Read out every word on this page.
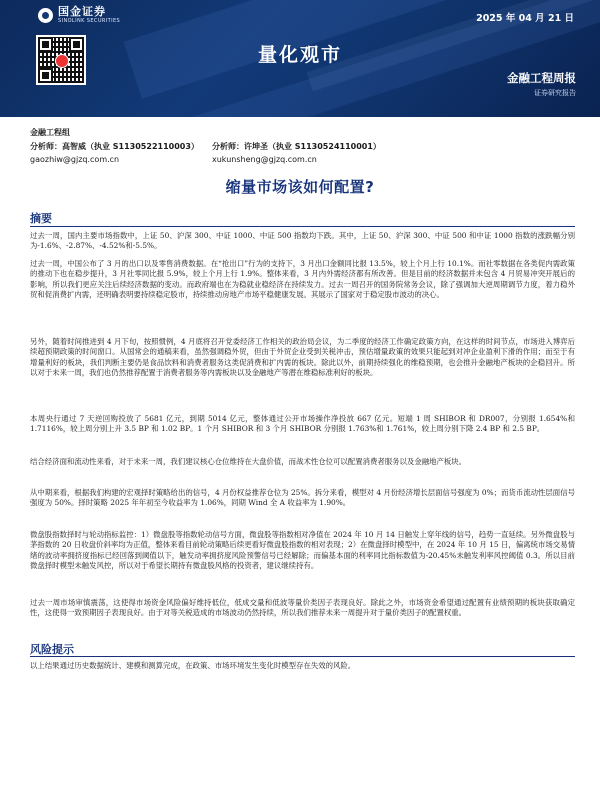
国金证券
SINOLINK SECURITIES	2025 年 04 月 21 日
量化观市
金融工程周报
证券研究报告
金融工程组
分析师：高智威（执业 S1130522110003） 分析师：许坤圣（执业 S1130524110001）
gaozhiw@gjzq.com.cn	xukunsheng@gjzq.com.cn
缩量市场该如何配置?
摘要

过去一周，国内主要市场指数中，上证 50、沪深 300、中证 1000、中证 500 指数均下跌。其中，上证 50、沪深 300、中证 500 和中证 1000 指数的涨跌幅分别为-1.6%、-2.87%、-4.52%和-5.5%。

过去一周，中国公布了 3 月的出口以及零售消费数据。在“抢出口”行为的支持下，3 月出口金额同比报 13.5%，较上个月上行 10.1%。而社零数据在各类促内需政策的推动下也在稳步提升，3 月社零同比报 5.9%，较上个月上行 1.9%。整体来看，3 月内外需经济都有所改善。但是目前的经济数据并未包含 4 月贸易冲突开展后的影响，所以我们更应关注后续经济数据的变动。而政府端也在为稳就业稳经济在持续发力。过去一周召开的国务院常务会议，除了强调加大逆周期调节力度，着力稳外贸和促消费扩内需，还明确表明要持续稳定股市，持续推动房地产市场平稳健康发展。其展示了国家对于稳定股市波动的决心。

另外，随着时间推进到 4 月下旬，按照惯例，4 月底将召开党委经济工作相关的政治局会议，为二季度的经济工作确定政策方向，在这样的时间节点，市场进入博弈后续超预期政策的时间窗口。从国常会的通稿来看，虽然强调稳外贸，但由于外贸企业受到关税冲击，预估增量政策的效果只能起到对冲企业盈利下滑的作用；而至于有增量利好的板块，我们判断主要仍是食品饮料和消费者服务这类促消费和扩内需的板块。除此以外，前期持续强化的维稳预期，也会推升金融地产板块的企稳回升。所以对于未来一周，我们也仍然推荐配置于消费者服务等内需板块以及金融地产等潜在维稳标准利好的板块。

本周央行通过 7 天逆回购投放了 5681 亿元，到期 5014 亿元，整体通过公开市场操作净投放 667 亿元。短端 1 周 SHIBOR 和 DR007，分别报 1.654%和 1.7116%，较上周分别上升 3.5 BP 和 1.02 BP。1 个月 SHIBOR 和 3 个月 SHIBOR 分别报 1.763%和 1.761%，较上周分别下降 2.4 BP 和 2.5 BP。

结合经济面和流动性来看，对于未来一周，我们建议核心仓位维持在大盘价值，而战术性仓位可以配置消费者服务以及金融地产板块。

从中期来看，根据我们构建的宏观择时策略给出的信号，4 月份权益推荐仓位为 25%。拆分来看，模型对 4 月份经济增长层面信号强度为 0%；而货币流动性层面信号强度为 50%。择时策略 2025 年年初至今收益率为 1.06%，同期 Wind 全 A 收益率为 1.90%。

微盘股指数择时与轮动指标监控：1）微盘股等指数轮动信号方面，微盘股等指数相对净值在 2024 年 10 月 14 日触发上穿年线的信号，趋势一直延续。另外微盘股与茅指数的 20 日收盘价斜率均为正值，整体来看目前轮动策略后续更看好微盘股指数的相对表现；2）在微盘择时模型中，在 2024 年 10 月 15 日，偏离统市场交易情绪的波动率拥挤度指标已经回落到阈值以下，触发动率拥挤度风险预警信号已经解除；而偏基本面的利率同比指标数值为-20.45%未触发利率风控阈值 0.3。所以目前微盘择时模型未触发风控，所以对于希望长期持有微盘股风格的投资者，建议继续持有。

过去一周市场审慎震荡，这使得市场资金风险偏好维持低位，低成交量和低波等量价类因子表现良好。除此之外，市场资金希望通过配置有业绩预期的板块获取确定性，这使得一致预期因子表现良好。由于对等关税造成的市场波动仍然持续，所以我们推荐未来一周提升对于量价类因子的配置权重。

风险提示

以上结果通过历史数据统计、建模和测算完成，在政策、市场环境发生变化时模型存在失效的风险。
